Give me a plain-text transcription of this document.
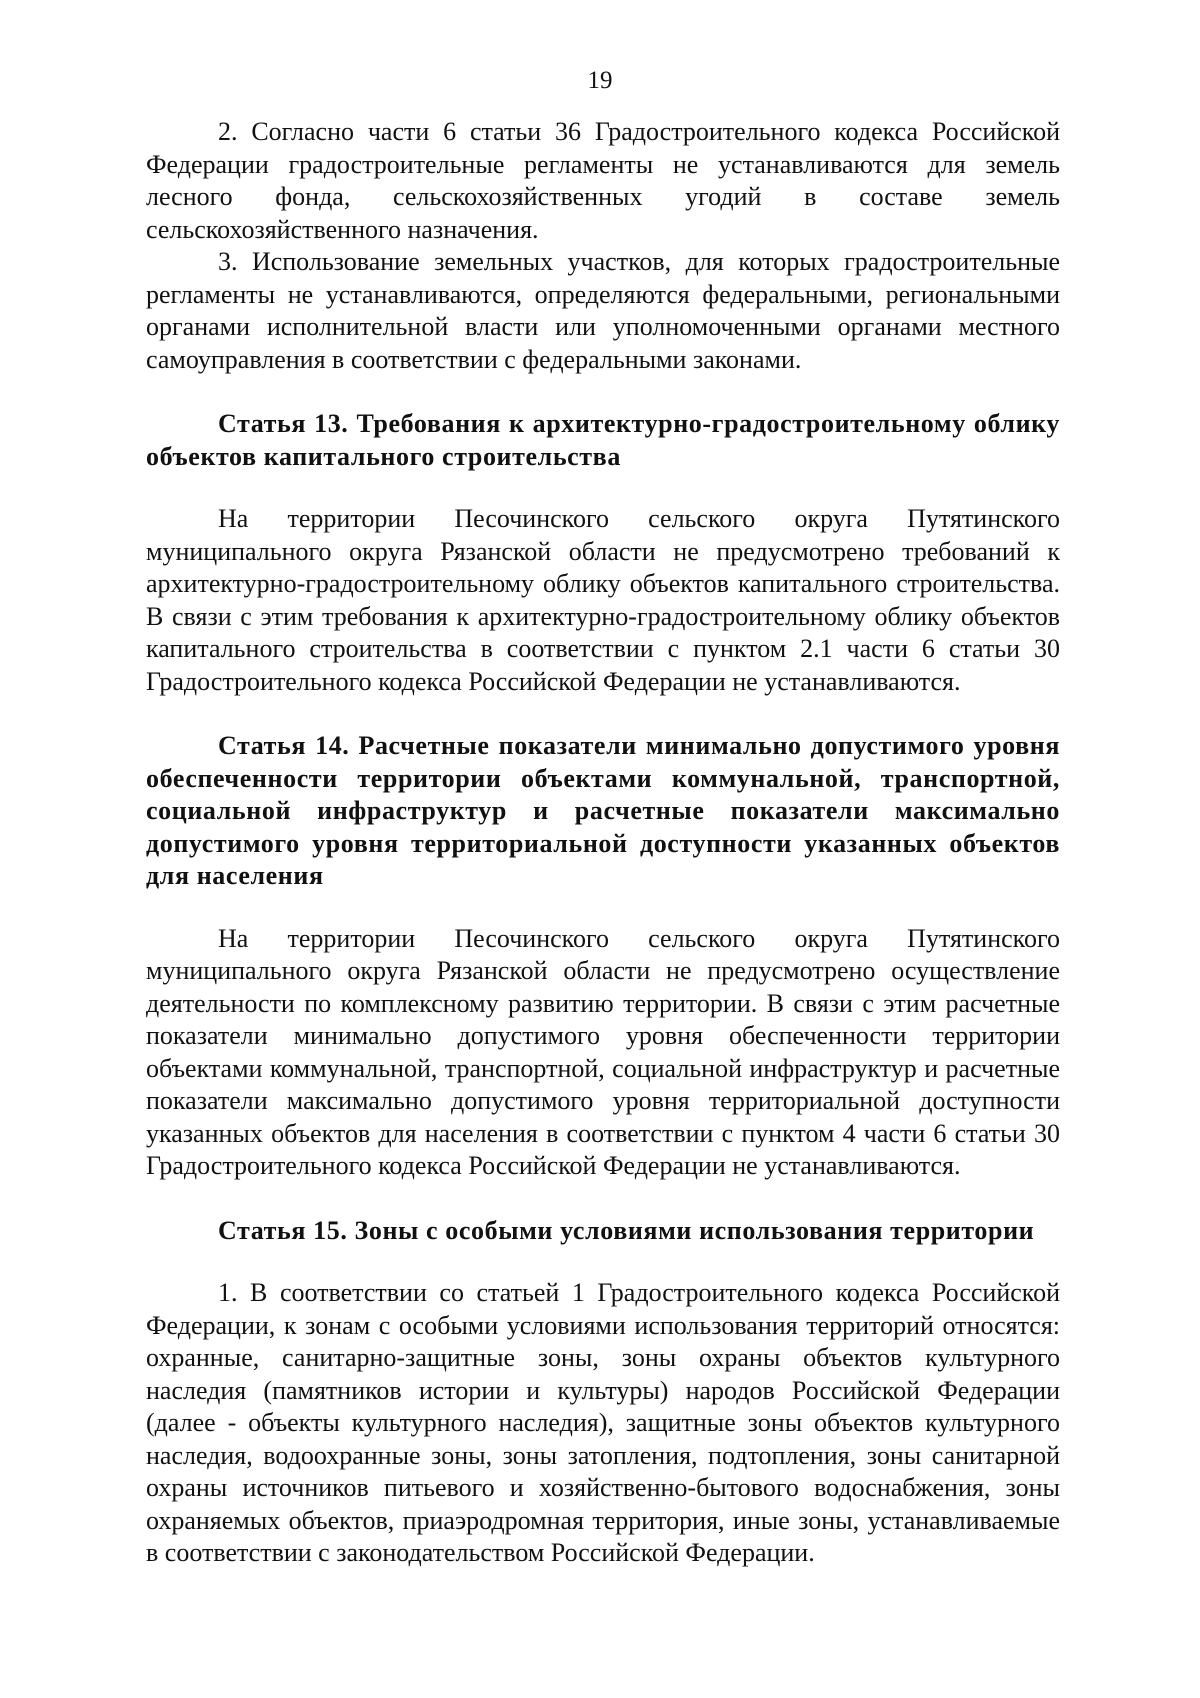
19

2. Согласно части 6 статьи 36 Градостроительного кодекса Российской Федерации градостроительные регламенты не устанавливаются для земель лесного фонда, сельскохозяйственных угодий в составе земель сельскохозяйственного назначения.

3. Использование земельных участков, для которых градостроительные регламенты не устанавливаются, определяются федеральными, региональными органами исполнительной власти или уполномоченными органами местного самоуправления в соответствии с федеральными законами.

Статья 13. Требования к архитектурно-градостроительному облику объектов капитального строительства

На территории Песочинского сельского округа Путятинского муниципального округа Рязанской области не предусмотрено требований к архитектурно-градостроительному облику объектов капитального строительства. В связи с этим требования к архитектурно-градостроительному облику объектов капитального строительства в соответствии с пунктом 2.1 части 6 статьи 30 Градостроительного кодекса Российской Федерации не устанавливаются.

Статья 14. Расчетные показатели минимально допустимого уровня обеспеченности территории объектами коммунальной, транспортной, социальной инфраструктур и расчетные показатели максимально допустимого уровня территориальной доступности указанных объектов для населения

На территории Песочинского сельского округа Путятинского муниципального округа Рязанской области не предусмотрено осуществление деятельности по комплексному развитию территории. В связи с этим расчетные показатели минимально допустимого уровня обеспеченности территории объектами коммунальной, транспортной, социальной инфраструктур и расчетные показатели максимально допустимого уровня территориальной доступности указанных объектов для населения в соответствии с пунктом 4 части 6 статьи 30 Градостроительного кодекса Российской Федерации не устанавливаются.

Статья 15. Зоны с особыми условиями использования территории

1. В соответствии со статьей 1 Градостроительного кодекса Российской Федерации, к зонам с особыми условиями использования территорий относятся: охранные, санитарно-защитные зоны, зоны охраны объектов культурного наследия (памятников истории и культуры) народов Российской Федерации (далее - объекты культурного наследия), защитные зоны объектов культурного наследия, водоохранные зоны, зоны затопления, подтопления, зоны санитарной охраны источников питьевого и хозяйственно-бытового водоснабжения, зоны охраняемых объектов, приаэродромная территория, иные зоны, устанавливаемые в соответствии с законодательством Российской Федерации.
